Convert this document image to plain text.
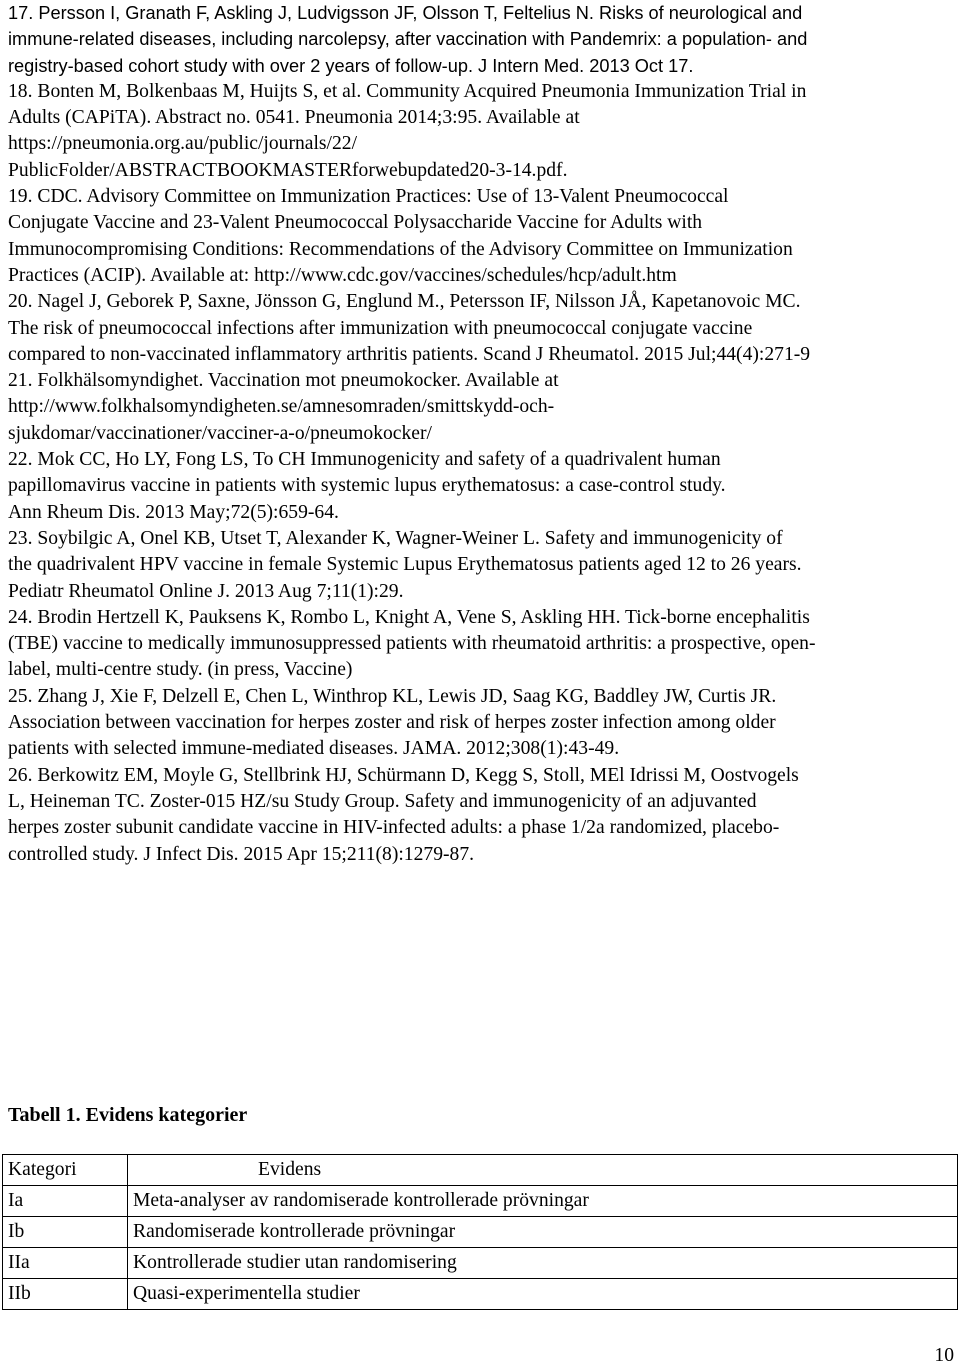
17. Persson I, Granath F, Askling J, Ludvigsson JF, Olsson T, Feltelius N. Risks of neurological and
immune-related diseases, including narcolepsy, after vaccination with Pandemrix: a population- and
registry-based cohort study with over 2 years of follow-up. J Intern Med. 2013 Oct 17.
18. Bonten M, Bolkenbaas M, Huijts S, et al. Community Acquired Pneumonia Immunization Trial in
Adults (CAPiTA). Abstract no. 0541. Pneumonia 2014;3:95. Available at
https://pneumonia.org.au/public/journals/22/
PublicFolder/ABSTRACTBOOKMASTERforwebupdated20-3-14.pdf.
19. CDC. Advisory Committee on Immunization Practices: Use of 13-Valent Pneumococcal
Conjugate Vaccine and 23-Valent Pneumococcal Polysaccharide Vaccine for Adults with
Immunocompromising Conditions: Recommendations of the Advisory Committee on Immunization
Practices (ACIP). Available at: http://www.cdc.gov/vaccines/schedules/hcp/adult.htm
20. Nagel J, Geborek P, Saxne, Jönsson G, Englund M., Petersson IF, Nilsson JÅ, Kapetanovoic MC.
The risk of pneumococcal infections after immunization with pneumococcal conjugate vaccine
compared to non-vaccinated inflammatory arthritis patients. Scand J Rheumatol. 2015 Jul;44(4):271-9
21. Folkhälsomyndighet. Vaccination mot pneumokocker. Available at
http://www.folkhalsomyndigheten.se/amnesomraden/smittskydd-och-
sjukdomar/vaccinationer/vacciner-a-o/pneumokocker/
22. Mok CC, Ho LY, Fong LS, To CH Immunogenicity and safety of a quadrivalent human
papillomavirus vaccine in patients with systemic lupus erythematosus: a case-control study.
Ann Rheum Dis. 2013 May;72(5):659-64.
23. Soybilgic A, Onel KB, Utset T, Alexander K, Wagner-Weiner L. Safety and immunogenicity of
the quadrivalent HPV vaccine in female Systemic Lupus Erythematosus patients aged 12 to 26 years.
Pediatr Rheumatol Online J. 2013 Aug 7;11(1):29.
24. Brodin Hertzell K, Pauksens K, Rombo L, Knight A, Vene S, Askling HH. Tick-borne encephalitis
(TBE) vaccine to medically immunosuppressed patients with rheumatoid arthritis: a prospective, open-
label, multi-centre study. (in press, Vaccine)
25. Zhang J, Xie F, Delzell E, Chen L, Winthrop KL, Lewis JD, Saag KG, Baddley JW, Curtis JR.
Association between vaccination for herpes zoster and risk of herpes zoster infection among older
patients with selected immune-mediated diseases. JAMA. 2012;308(1):43-49.
26. Berkowitz EM, Moyle G, Stellbrink HJ, Schürmann D, Kegg S, Stoll, MEl Idrissi M, Oostvogels
L, Heineman TC. Zoster-015 HZ/su Study Group. Safety and immunogenicity of an adjuvanted
herpes zoster subunit candidate vaccine in HIV-infected adults: a phase 1/2a randomized, placebo-
controlled study. J Infect Dis. 2015 Apr 15;211(8):1279-87.
Tabell 1. Evidens kategorier
Kategori	Evidens
Ia	Meta-analyser av randomiserade kontrollerade prövningar
Ib	Randomiserade kontrollerade prövningar
IIa	Kontrollerade studier utan randomisering
IIb	Quasi-experimentella studier
10
